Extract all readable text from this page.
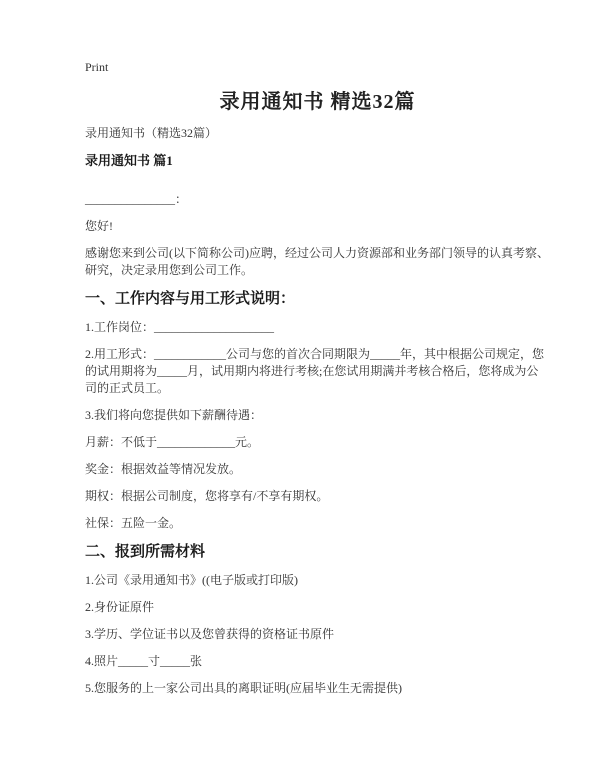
Print

录用通知书 精选32篇

录用通知书（精选32篇）

录用通知书 篇1

_______________：

您好!

感谢您来到公司(以下简称公司)应聘，经过公司人力资源部和业务部门领导的认真考察、研究，决定录用您到公司工作。

一、工作内容与用工形式说明：

1.工作岗位：____________________

2.用工形式：____________公司与您的首次合同期限为_____年，其中根据公司规定，您的试用期将为_____月，试用期内将进行考核;在您试用期满并考核合格后，您将成为公司的正式员工。

3.我们将向您提供如下薪酬待遇：

月薪：不低于_____________元。

奖金：根据效益等情况发放。

期权：根据公司制度，您将享有/不享有期权。

社保：五险一金。

二、报到所需材料

1.公司《录用通知书》((电子版或打印版)

2.身份证原件

3.学历、学位证书以及您曾获得的资格证书原件

4.照片_____寸_____张

5.您服务的上一家公司出具的离职证明(应届毕业生无需提供)
